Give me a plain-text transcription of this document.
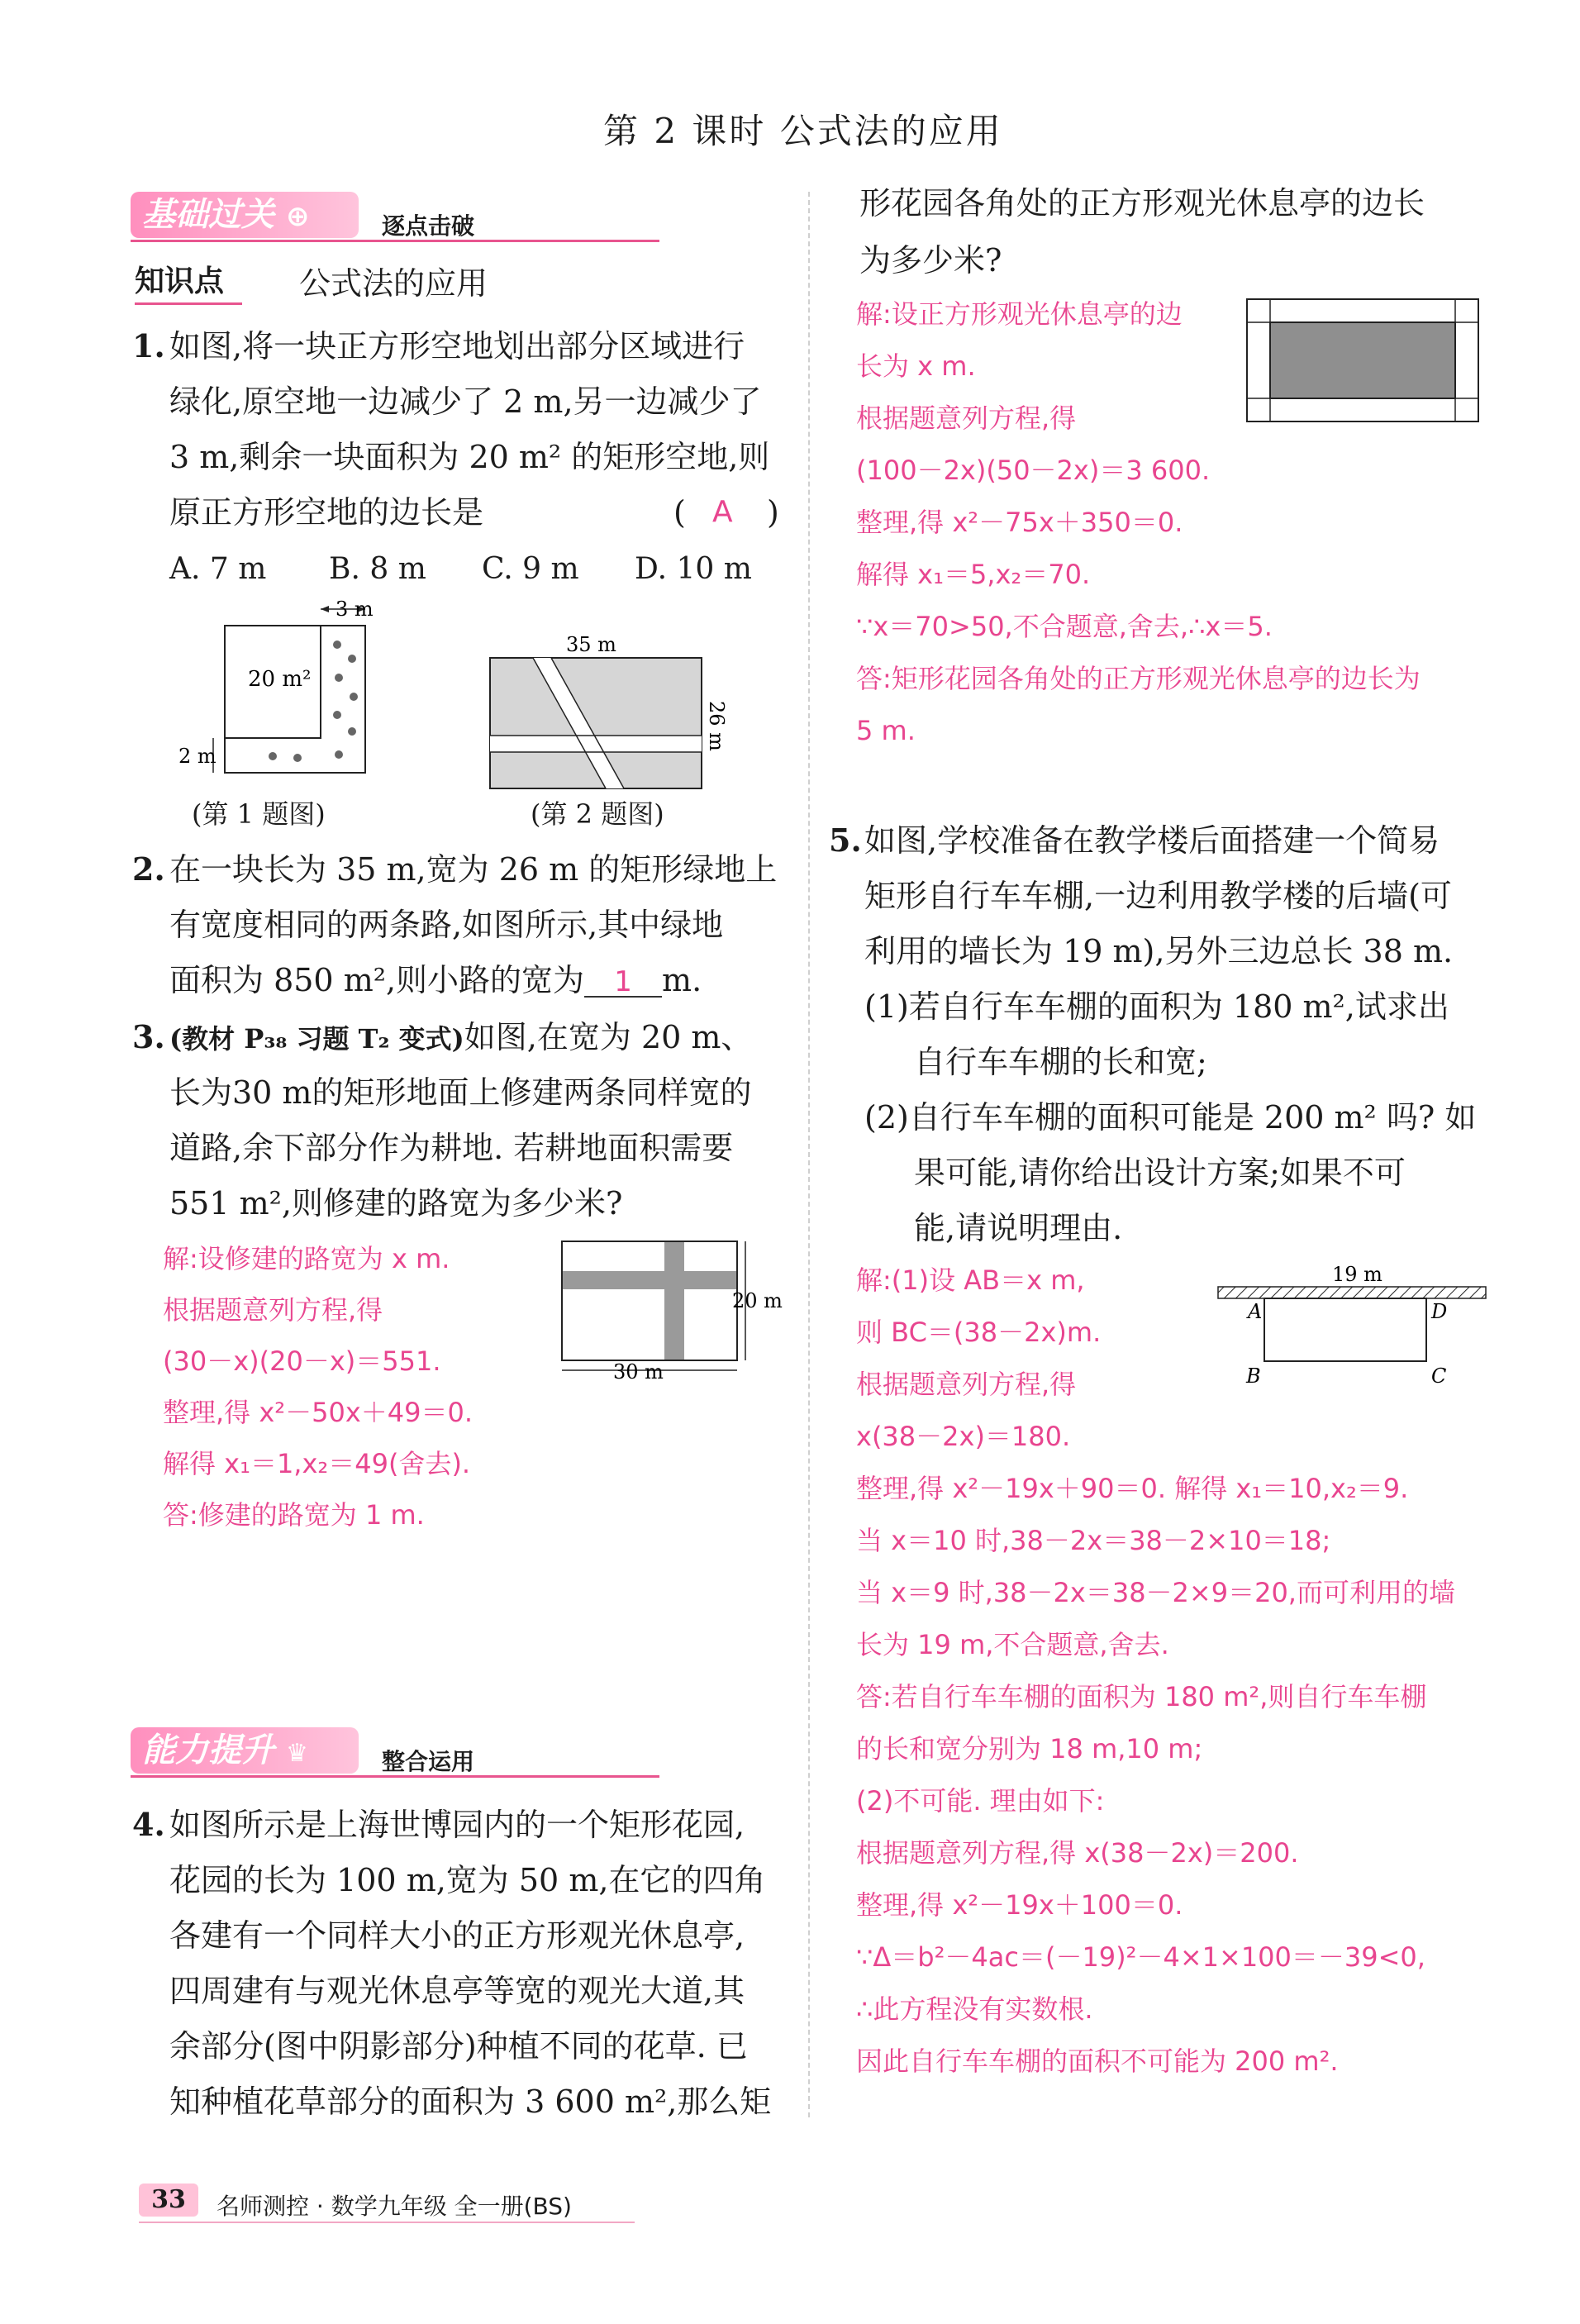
第 2 课时 公式法的应用
基础过关 ⊕	逐点击破
知识点 公式法的应用
1. 如图,将一块正方形空地划出部分区域进行
绿化,原空地一边减少了 2 m,另一边减少了
3 m,剩余一块面积为 20 m² 的矩形空地,则
原正方形空地的边长是	( A )
A. 7 m B. 8 m C. 9 m D. 10 m
3 m
20 m²
2 m
(第 1 题图)
35 m
26 m
(第 2 题图)
2. 在一块长为 35 m,宽为 26 m 的矩形绿地上
有宽度相同的两条路,如图所示,其中绿地
面积为 850 m²,则小路的宽为 1 m.
3. (教材 P₃₈ 习题 T₂ 变式)如图,在宽为 20 m、
长为30 m的矩形地面上修建两条同样宽的
道路,余下部分作为耕地. 若耕地面积需要
551 m²,则修建的路宽为多少米?
解:设修建的路宽为 x m.
根据题意列方程,得
(30－x)(20－x)＝551.
整理,得 x²－50x＋49＝0.
解得 x₁＝1,x₂＝49(舍去).
答:修建的路宽为 1 m.
20 m
30 m
能力提升 ♛	整合运用
4. 如图所示是上海世博园内的一个矩形花园,
花园的长为 100 m,宽为 50 m,在它的四角
各建有一个同样大小的正方形观光休息亭,
四周建有与观光休息亭等宽的观光大道,其
余部分(图中阴影部分)种植不同的花草. 已
知种植花草部分的面积为 3 600 m²,那么矩
形花园各角处的正方形观光休息亭的边长
为多少米?
解:设正方形观光休息亭的边
长为 x m.
根据题意列方程,得
(100－2x)(50－2x)＝3 600.
整理,得 x²－75x＋350＝0.
解得 x₁＝5,x₂＝70.
∵x＝70>50,不合题意,舍去,∴x＝5.
答:矩形花园各角处的正方形观光休息亭的边长为
5 m.
5. 如图,学校准备在教学楼后面搭建一个简易
矩形自行车车棚,一边利用教学楼的后墙(可
利用的墙长为 19 m),另外三边总长 38 m.
(1)若自行车车棚的面积为 180 m²,试求出
自行车车棚的长和宽;
(2)自行车车棚的面积可能是 200 m² 吗? 如
果可能,请你给出设计方案;如果不可
能,请说明理由.
解:(1)设 AB＝x m,
则 BC＝(38－2x)m.
根据题意列方程,得
x(38－2x)＝180.
整理,得 x²－19x＋90＝0. 解得 x₁＝10,x₂＝9.
当 x＝10 时,38－2x＝38－2×10＝18;
当 x＝9 时,38－2x＝38－2×9＝20,而可利用的墙
长为 19 m,不合题意,舍去.
答:若自行车车棚的面积为 180 m²,则自行车车棚
的长和宽分别为 18 m,10 m;
(2)不可能. 理由如下:
根据题意列方程,得 x(38－2x)＝200.
整理,得 x²－19x＋100＝0.
∵Δ＝b²－4ac＝(－19)²－4×1×100＝－39<0,
∴此方程没有实数根.
因此自行车车棚的面积不可能为 200 m².
19 m
A	D
B	C
33	名师测控 · 数学九年级 全一册(BS)
